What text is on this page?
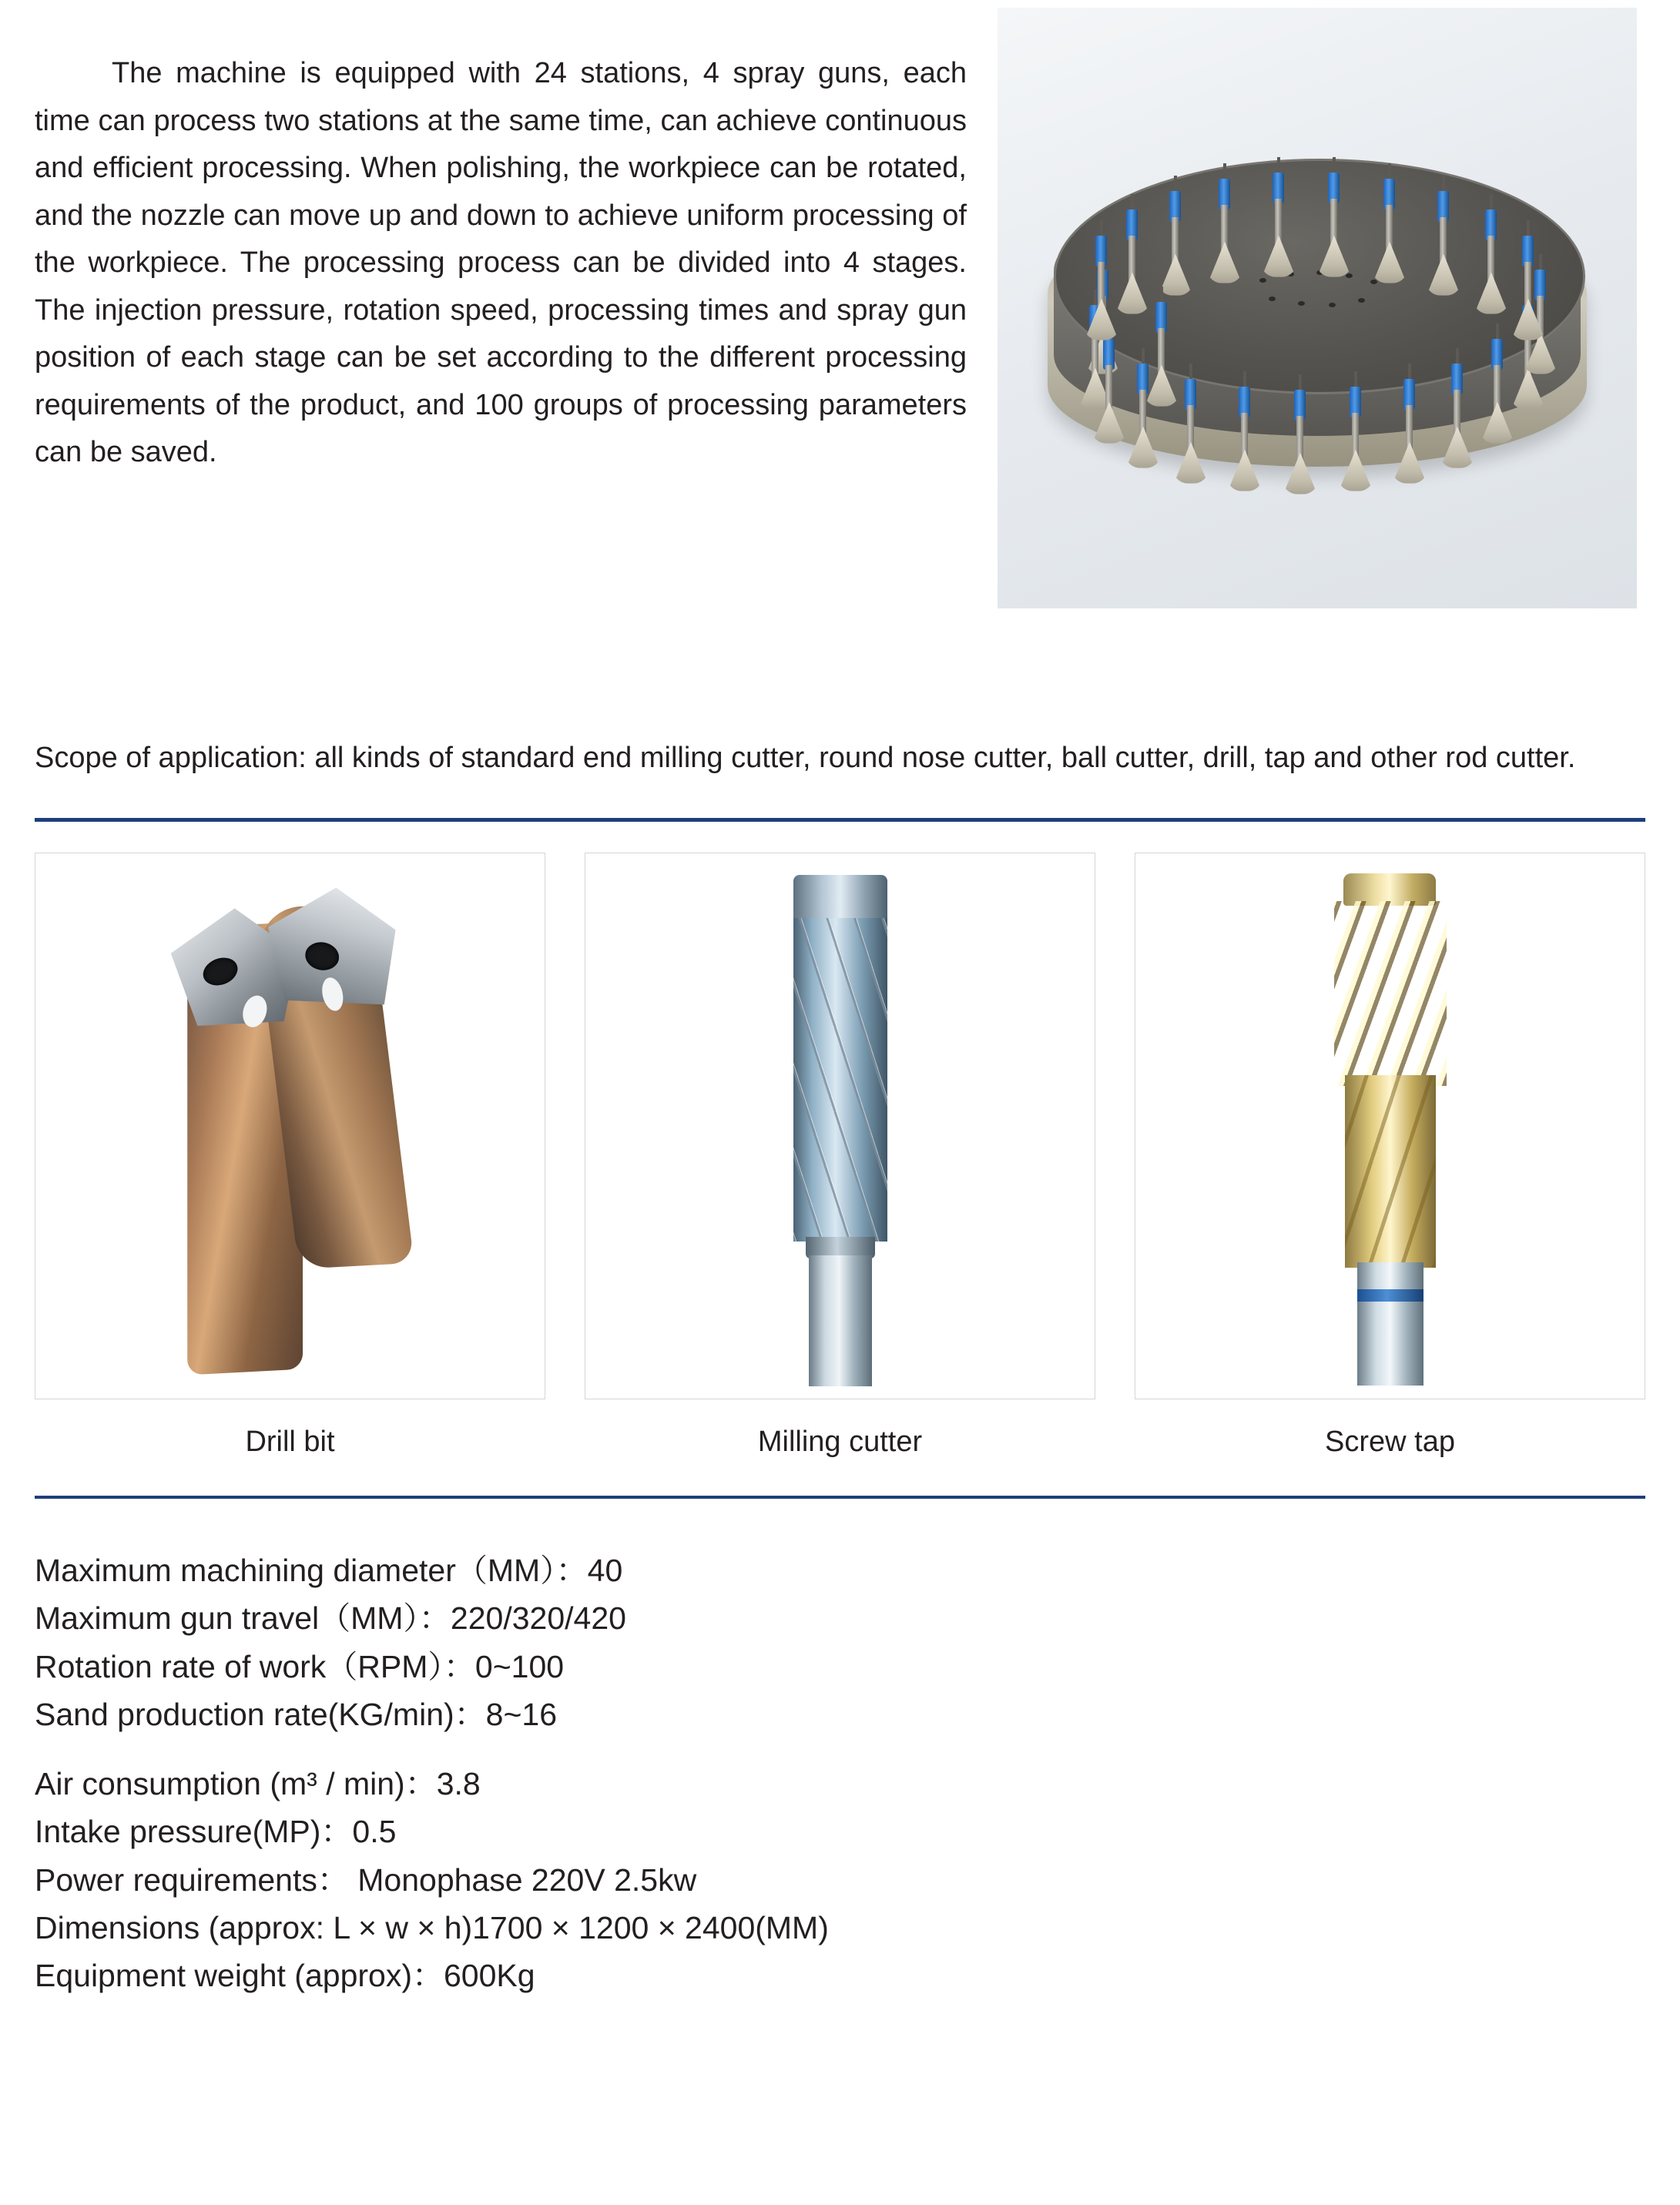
The machine is equipped with 24 stations, 4 spray guns, each time can process two stations at the same time, can achieve continuous and efficient processing. When polishing, the workpiece can be rotated, and the nozzle can move up and down to achieve uniform processing of the workpiece. The processing process can be divided into 4 stages. The injection pressure, rotation speed, processing times and spray gun position of each stage can be set according to the different processing requirements of the product, and 100 groups of processing parameters can be saved.

Scope of application: all kinds of standard end milling cutter, round nose cutter, ball cutter, drill, tap and other rod cutter.
Drill bit	Milling cutter	Screw tap
Maximum machining diameter（MM）：40
Maximum gun travel（MM）：220/320/420
Rotation rate of work（RPM）：0~100
Sand production rate(KG/min)：8~16
Air consumption (m³ / min)：3.8
Intake pressure(MP)：0.5
Power requirements： Monophase 220V 2.5kw
Dimensions (approx: L × w × h)1700 × 1200 × 2400(MM)
Equipment weight (approx)：600Kg
